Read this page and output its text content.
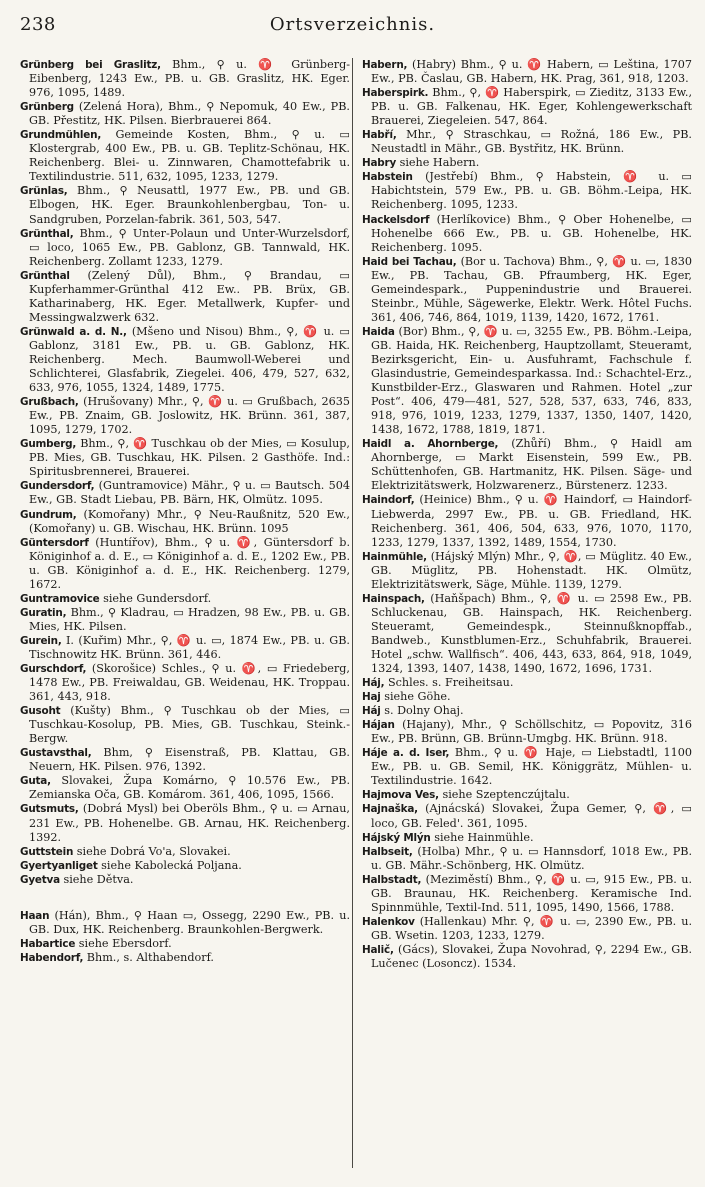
238	Ortsverzeichnis.
Grünberg bei Graslitz, Bhm., ⚲ u. ♈ Grünberg-Eibenberg, 1243 Ew., PB. u. GB. Graslitz, HK. Eger. 976, 1095, 1489.
Grünberg (Zelená Hora), Bhm., ⚲ Nepomuk, 40 Ew., PB. GB. Přestitz, HK. Pilsen. Bierbrauerei 864.
Grundmühlen, Gemeinde Kosten, Bhm., ⚲ u. ▭ Klostergrab, 400 Ew., PB. u. GB. Teplitz-Schönau, HK. Reichenberg. Blei- u. Zinnwaren, Chamottefabrik u. Textilindustrie. 511, 632, 1095, 1233, 1279.
Grünlas, Bhm., ⚲ Neusattl, 1977 Ew., PB. und GB. Elbogen, HK. Eger. Braunkohlenbergbau, Ton- u. Sandgruben, Porzelan-fabrik. 361, 503, 547.
Grünthal, Bhm., ⚲ Unter-Polaun und Unter-Wurzelsdorf, ▭ loco, 1065 Ew., PB. Gablonz, GB. Tannwald, HK. Reichenberg. Zollamt 1233, 1279.
Grünthal (Zelený Důl), Bhm., ⚲ Brandau, ▭ Kupferhammer-Grünthal 412 Ew.. PB. Brüx, GB. Katharinaberg, HK. Eger. Metallwerk, Kupfer- und Messingwalzwerk 632.
Grünwald a. d. N., (Mšeno und Nisou) Bhm., ⚲, ♈ u. ▭ Gablonz, 3181 Ew., PB. u. GB. Gablonz, HK. Reichenberg. Mech. Baumwoll-Weberei und Schlichterei, Glasfabrik, Ziegelei. 406, 479, 527, 632, 633, 976, 1055, 1324, 1489, 1775.
Grußbach, (Hrušovany) Mhr., ⚲, ♈ u. ▭ Grußbach, 2635 Ew., PB. Znaim, GB. Joslowitz, HK. Brünn. 361, 387, 1095, 1279, 1702.
Gumberg, Bhm., ⚲, ♈ Tuschkau ob der Mies, ▭ Kosulup, PB. Mies, GB. Tuschkau, HK. Pilsen. 2 Gasthöfe. Ind.: Spiritusbrennerei, Brauerei.
Gundersdorf, (Guntramovice) Mähr., ⚲ u. ▭ Bautsch. 504 Ew., GB. Stadt Liebau, PB. Bärn, HK, Olmütz. 1095.
Gundrum, (Komořany) Mhr., ⚲ Neu-Raußnitz, 520 Ew., (Komořany) u. GB. Wischau, HK. Brünn. 1095
Güntersdorf (Huntířov), Bhm., ⚲ u. ♈, Güntersdorf b. Königinhof a. d. E., ▭ Königinhof a. d. E., 1202 Ew., PB. u. GB. Königinhof a. d. E., HK. Reichenberg. 1279, 1672.
Guntramovice siehe Gundersdorf.
Guratin, Bhm., ⚲ Kladrau, ▭ Hradzen, 98 Ew., PB. u. GB. Mies, HK. Pilsen.
Gurein, I. (Kuřim) Mhr., ⚲, ♈ u. ▭, 1874 Ew., PB. u. GB. Tischnowitz HK. Brünn. 361, 446.
Gurschdorf, (Skorošice) Schles., ⚲ u. ♈, ▭ Friedeberg, 1478 Ew., PB. Freiwaldau, GB. Weidenau, HK. Troppau. 361, 443, 918.
Gusoht (Kušty) Bhm., ⚲ Tuschkau ob der Mies, ▭ Tuschkau-Kosolup, PB. Mies, GB. Tuschkau, Steink.-Bergw.
Gustavsthal, Bhm, ⚲ Eisenstraß, PB. Klattau, GB. Neuern, HK. Pilsen. 976, 1392.
Guta, Slovakei, Župa Komárno, ⚲ 10.576 Ew., PB. Zemianska Oča, GB. Komárom. 361, 406, 1095, 1566.
Gutsmuts, (Dobrá Mysl) bei Oberöls Bhm., ⚲ u. ▭ Arnau, 231 Ew., PB. Hohenelbe. GB. Arnau, HK. Reichenberg. 1392.
Guttstein siehe Dobrá Vo'a, Slovakei.
Gyertyanliget siehe Kabolecká Poljana.
Gyetva siehe Dětva.
Haan (Hán), Bhm., ⚲ Haan ▭, Ossegg, 2290 Ew., PB. u. GB. Dux, HK. Reichenberg. Braunkohlen-Bergwerk.
Habartice siehe Ebersdorf.
Habendorf, Bhm., s. Althabendorf.
Habern, (Habry) Bhm., ⚲ u. ♈ Habern, ▭ Leština, 1707 Ew., PB. Časlau, GB. Habern, HK. Prag, 361, 918, 1203.
Haberspirk. Bhm., ⚲, ♈ Haberspirk, ▭ Zieditz, 3133 Ew., PB. u. GB. Falkenau, HK. Eger, Kohlengewerkschaft Brauerei, Ziegeleien. 547, 864.
Habří, Mhr., ⚲ Straschkau, ▭ Rožná, 186 Ew., PB. Neustadtl in Mähr., GB. Bystřitz, HK. Brünn.
Habry siehe Habern.
Habstein (Jestřebí) Bhm., ⚲ Habstein, ♈ u. ▭ Habichtstein, 579 Ew., PB. u. GB. Böhm.-Leipa, HK. Reichenberg. 1095, 1233.
Hackelsdorf (Herlíkovice) Bhm., ⚲ Ober Hohenelbe, ▭ Hohenelbe 666 Ew., PB. u. GB. Hohenelbe, HK. Reichenberg. 1095.
Haid bei Tachau, (Bor u. Tachova) Bhm., ⚲, ♈ u. ▭, 1830 Ew., PB. Tachau, GB. Pfraumberg, HK. Eger, Gemeindespark., Puppenindustrie und Brauerei. Steinbr., Mühle, Sägewerke, Elektr. Werk. Hôtel Fuchs. 361, 406, 746, 864, 1019, 1139, 1420, 1672, 1761.
Haida (Bor) Bhm., ⚲, ♈ u. ▭, 3255 Ew., PB. Böhm.-Leipa, GB. Haida, HK. Reichenberg, Hauptzollamt, Steueramt, Bezirksgericht, Ein- u. Ausfuhramt, Fachschule f. Glasindustrie, Gemeindesparkassa. Ind.: Schachtel-Erz., Kunstbilder-Erz., Glaswaren und Rahmen. Hotel „zur Post“. 406, 479—481, 527, 528, 537, 633, 746, 833, 918, 976, 1019, 1233, 1279, 1337, 1350, 1407, 1420, 1438, 1672, 1788, 1819, 1871.
Haidl a. Ahornberge, (Zhůří) Bhm., ⚲ Haidl am Ahornberge, ▭ Markt Eisenstein, 599 Ew., PB. Schüttenhofen, GB. Hartmanitz, HK. Pilsen. Säge- und Elektrizitätswerk, Holzwarenerz., Bürstenerz. 1233.
Haindorf, (Heinice) Bhm., ⚲ u. ♈ Haindorf, ▭ Haindorf-Liebwerda, 2997 Ew., PB. u. GB. Friedland, HK. Reichenberg. 361, 406, 504, 633, 976, 1070, 1170, 1233, 1279, 1337, 1392, 1489, 1554, 1730.
Hainmühle, (Hájský Mlýn) Mhr., ⚲, ♈, ▭ Müglitz. 40 Ew., GB. Müglitz, PB. Hohenstadt. HK. Olmütz, Elektrizitätswerk, Säge, Mühle. 1139, 1279.
Hainspach, (Haňšpach) Bhm., ⚲, ♈ u. ▭ 2598 Ew., PB. Schluckenau, GB. Hainspach, HK. Reichenberg. Steueramt, Gemeindespk., Steinnußknopffab., Bandweb., Kunstblumen-Erz., Schuhfabrik, Brauerei. Hotel „schw. Wallfisch“. 406, 443, 633, 864, 918, 1049, 1324, 1393, 1407, 1438, 1490, 1672, 1696, 1731.
Háj, Schles. s. Freiheitsau.
Haj siehe Göhe.
Háj s. Dolny Ohaj.
Hájan (Hajany), Mhr., ⚲ Schöllschitz, ▭ Popovitz, 316 Ew., PB. Brünn, GB. Brünn-Umgbg. HK. Brünn. 918.
Háje a. d. Iser, Bhm., ⚲ u. ♈ Haje, ▭ Liebstadtl, 1100 Ew., PB. u. GB. Semil, HK. Königgrätz, Mühlen- u. Textilindustrie. 1642.
Hajmova Ves, siehe Szeptenczújtalu.
Hajnaška, (Ajnácská) Slovakei, Župa Gemer, ⚲, ♈, ▭ loco, GB. Feled'. 361, 1095.
Hájský Mlýn siehe Hainmühle.
Halbseit, (Holba) Mhr., ⚲ u. ▭ Hannsdorf, 1018 Ew., PB. u. GB. Mähr.-Schönberg, HK. Olmütz.
Halbstadt, (Meziměstí) Bhm., ⚲, ♈ u. ▭, 915 Ew., PB. u. GB. Braunau, HK. Reichenberg. Keramische Ind. Spinnmühle, Textil-Ind. 511, 1095, 1490, 1566, 1788.
Halenkov (Hallenkau) Mhr. ⚲, ♈ u. ▭, 2390 Ew., PB. u. GB. Wsetin. 1203, 1233, 1279.
Halič, (Gács), Slovakei, Župa Novohrad, ⚲, 2294 Ew., GB. Lučenec (Losoncz). 1534.
